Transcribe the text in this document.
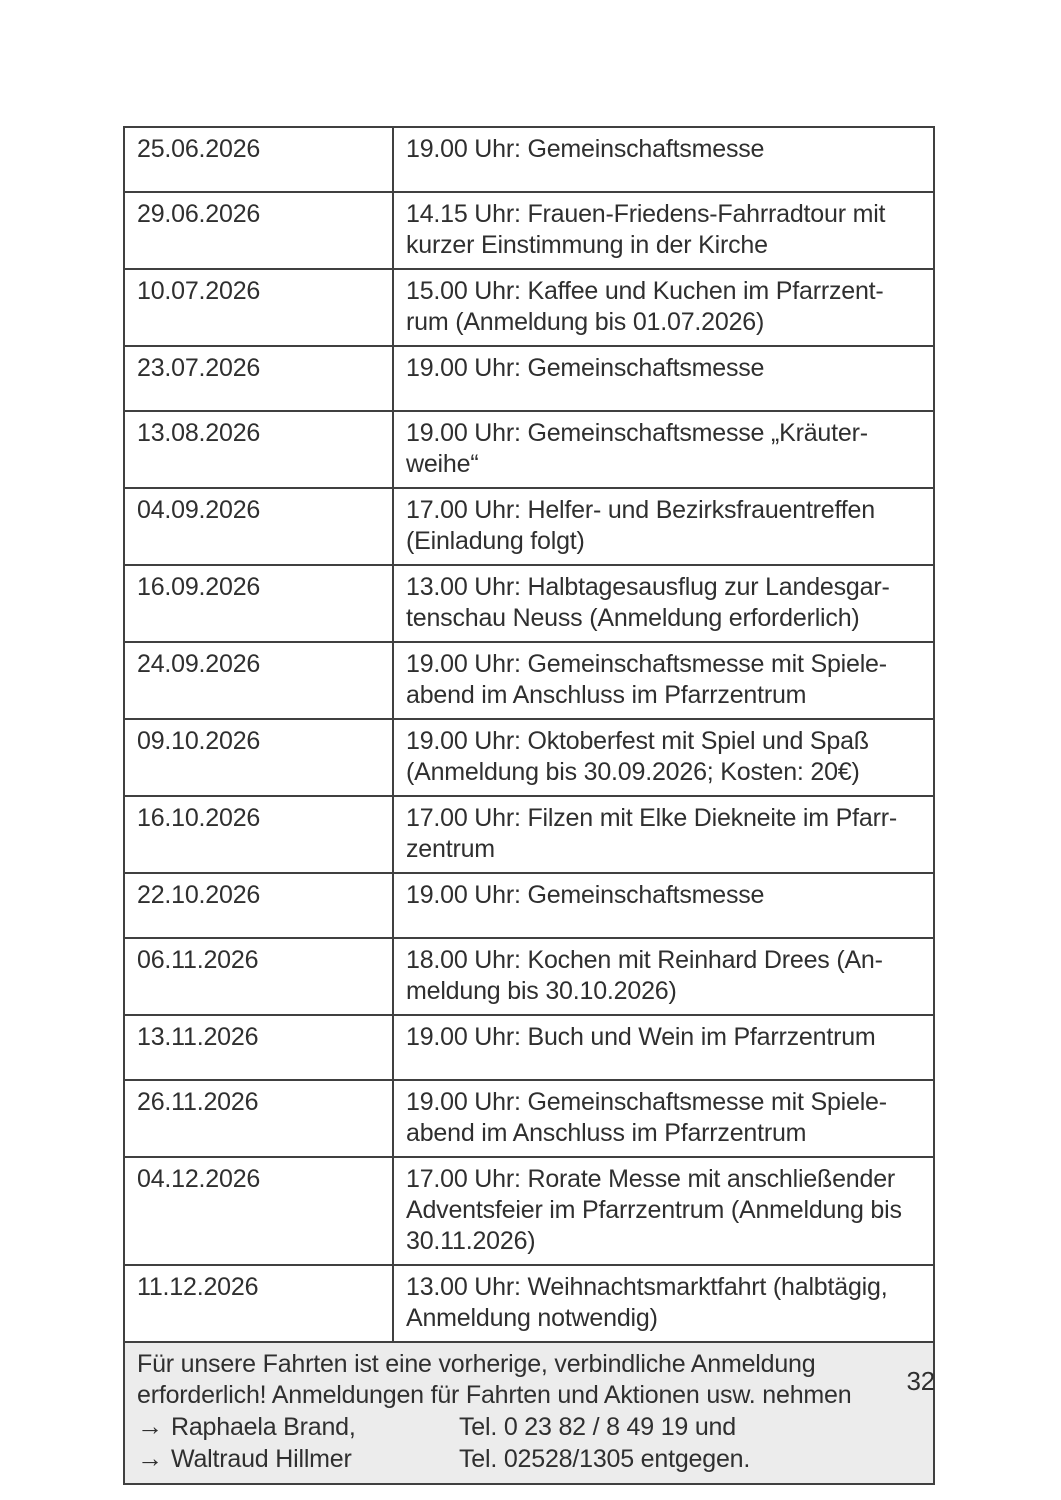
25.06.2026	19.00 Uhr: Gemeinschaftsmesse

29.06.2026	14.15 Uhr: Frauen-Friedens-Fahrradtour mit
kurzer Einstimmung in der Kirche

10.07.2026	15.00 Uhr: Kaffee und Kuchen im Pfarrzent-
rum (Anmeldung bis 01.07.2026)

23.07.2026	19.00 Uhr: Gemeinschaftsmesse

13.08.2026	19.00 Uhr: Gemeinschaftsmesse „Kräuter-
weihe“

04.09.2026	17.00 Uhr: Helfer- und Bezirksfrauentreffen
(Einladung folgt)

16.09.2026	13.00 Uhr: Halbtagesausflug zur Landesgar-
tenschau Neuss (Anmeldung erforderlich)

24.09.2026	19.00 Uhr: Gemeinschaftsmesse mit Spiele-
abend im Anschluss im Pfarrzentrum

09.10.2026	19.00 Uhr: Oktoberfest mit Spiel und Spaß
(Anmeldung bis 30.09.2026; Kosten: 20€)

16.10.2026	17.00 Uhr: Filzen mit Elke Diekneite im Pfarr-
zentrum

22.10.2026	19.00 Uhr: Gemeinschaftsmesse

06.11.2026	18.00 Uhr: Kochen mit Reinhard Drees (An-
meldung bis 30.10.2026)

13.11.2026	19.00 Uhr: Buch und Wein im Pfarrzentrum

26.11.2026	19.00 Uhr: Gemeinschaftsmesse mit Spiele-
abend im Anschluss im Pfarrzentrum

04.12.2026	17.00 Uhr: Rorate Messe mit anschließender
Adventsfeier im Pfarrzentrum (Anmeldung bis
30.11.2026)

11.12.2026	13.00 Uhr: Weihnachtsmarktfahrt (halbtägig,
Anmeldung notwendig)
Für unsere Fahrten ist eine vorherige, verbindliche Anmeldung
erforderlich! Anmeldungen für Fahrten und Aktionen usw. nehmen
→ Raphaela Brand,	Tel. 0 23 82 / 8 49 19 und
→ Waltraud Hillmer	Tel. 02528/1305 entgegen.
32
